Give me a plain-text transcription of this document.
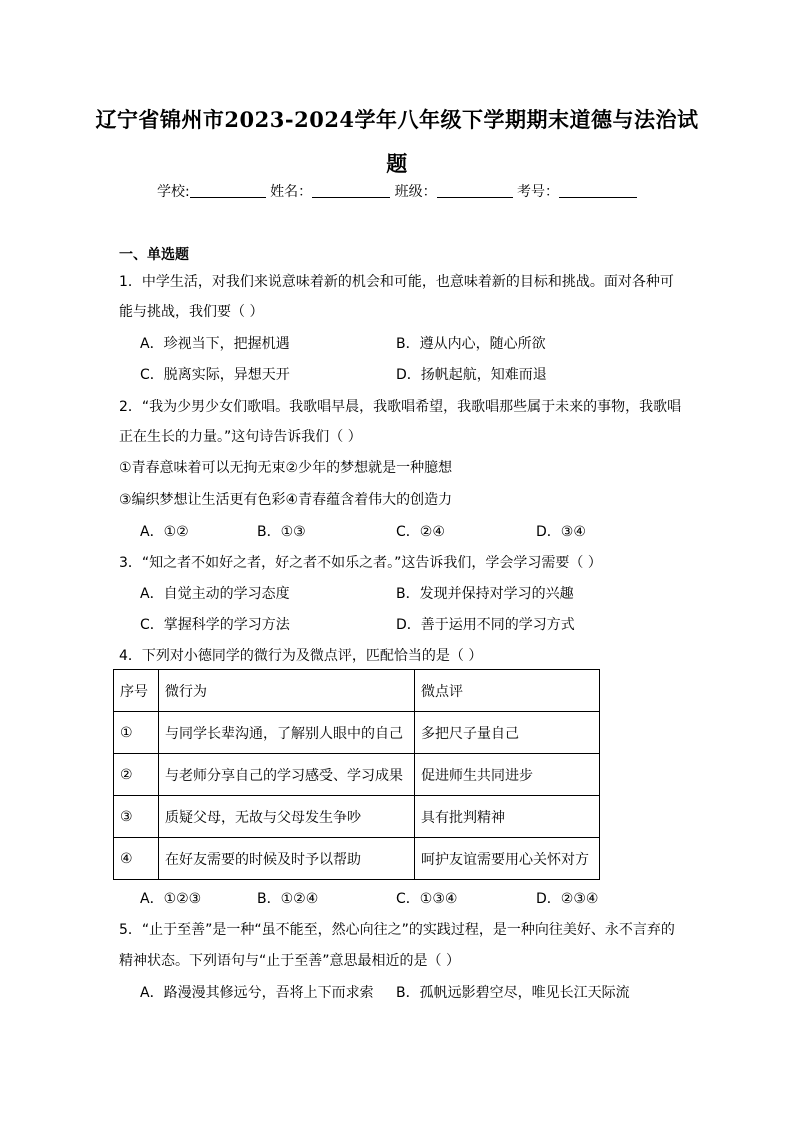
辽宁省锦州市2023-2024学年八年级下学期期末道德与法治试
题
学校:	姓名：	班级：	考号：
一、单选题
1．中学生活，对我们来说意味着新的机会和可能，也意味着新的目标和挑战。面对各种可
能与挑战，我们要（ ）
A．珍视当下，把握机遇	B．遵从内心，随心所欲
C．脱离实际，异想天开	D．扬帆起航，知难而退
2．“我为少男少女们歌唱。我歌唱早晨，我歌唱希望，我歌唱那些属于未来的事物，我歌唱
正在生长的力量。”这句诗告诉我们（ ）
①青春意味着可以无拘无束②少年的梦想就是一种臆想
③编织梦想让生活更有色彩④青春蕴含着伟大的创造力
A．①②	B．①③	C．②④	D．③④
3．“知之者不如好之者，好之者不如乐之者。”这告诉我们，学会学习需要（ ）
A．自觉主动的学习态度	B．发现并保持对学习的兴趣
C．掌握科学的学习方法	D．善于运用不同的学习方式
4．下列对小德同学的微行为及微点评，匹配恰当的是（ ）
序号	微行为	微点评
①	与同学长辈沟通，了解别人眼中的自己	多把尺子量自己
②	与老师分享自己的学习感受、学习成果	促进师生共同进步
③	质疑父母，无故与父母发生争吵	具有批判精神
④	在好友需要的时候及时予以帮助	呵护友谊需要用心关怀对方
A．①②③	B．①②④	C．①③④	D．②③④
5．“止于至善”是一种“虽不能至，然心向往之”的实践过程，是一种向往美好、永不言弃的
精神状态。下列语句与“止于至善”意思最相近的是（ ）
A．路漫漫其修远兮，吾将上下而求索 B．孤帆远影碧空尽，唯见长江天际流
